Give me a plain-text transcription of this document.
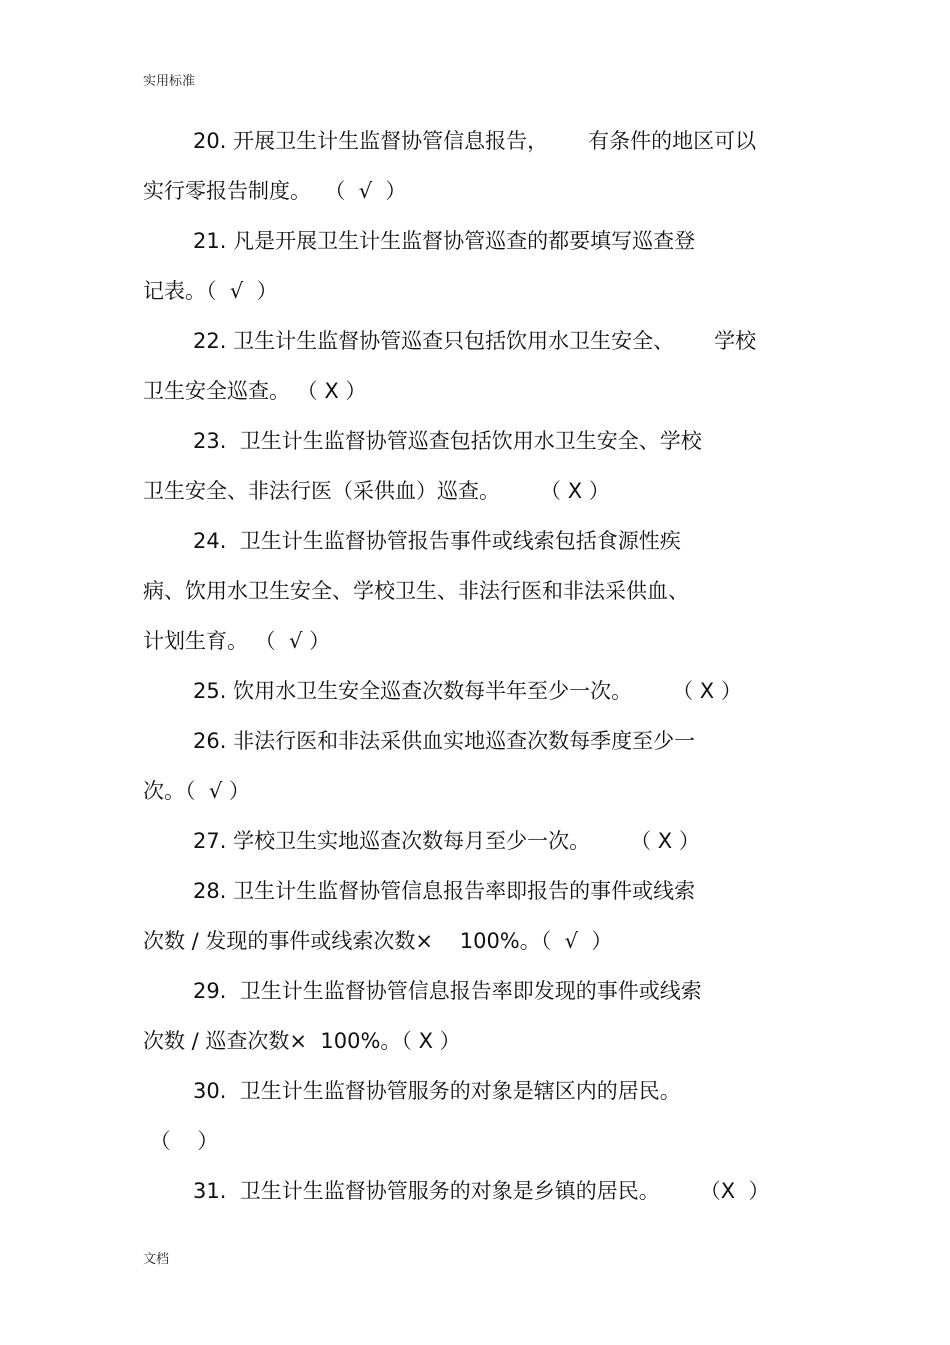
实用标准
20. 开展卫生计生监督协管信息报告，      有条件的地区可以
实行零报告制度。  （  √  ）
21. 凡是开展卫生计生监督协管巡查的都要填写巡查登
记表。（  √  ）
22. 卫生计生监督协管巡查只包括饮用水卫生安全、      学校
卫生安全巡查。 （ X ）
23.  卫生计生监督协管巡查包括饮用水卫生安全、学校
卫生安全、非法行医（采供血）巡查。      （ X ）
24.  卫生计生监督协管报告事件或线索包括食源性疾
病、饮用水卫生安全、学校卫生、非法行医和非法采供血、
计划生育。 （  √ ）
25. 饮用水卫生安全巡查次数每半年至少一次。      （ X ）
26. 非法行医和非法采供血实地巡查次数每季度至少一
次。（  √ ）
27. 学校卫生实地巡查次数每月至少一次。      （ X ）
28. 卫生计生监督协管信息报告率即报告的事件或线索
次数 / 发现的事件或线索次数×    100%。（  √  ）
29.  卫生计生监督协管信息报告率即发现的事件或线索
次数 / 巡查次数×  100%。（ X ）
30.  卫生计生监督协管服务的对象是辖区内的居民。
（    ）
31.  卫生计生监督协管服务的对象是乡镇的居民。      （X  ）
文档
